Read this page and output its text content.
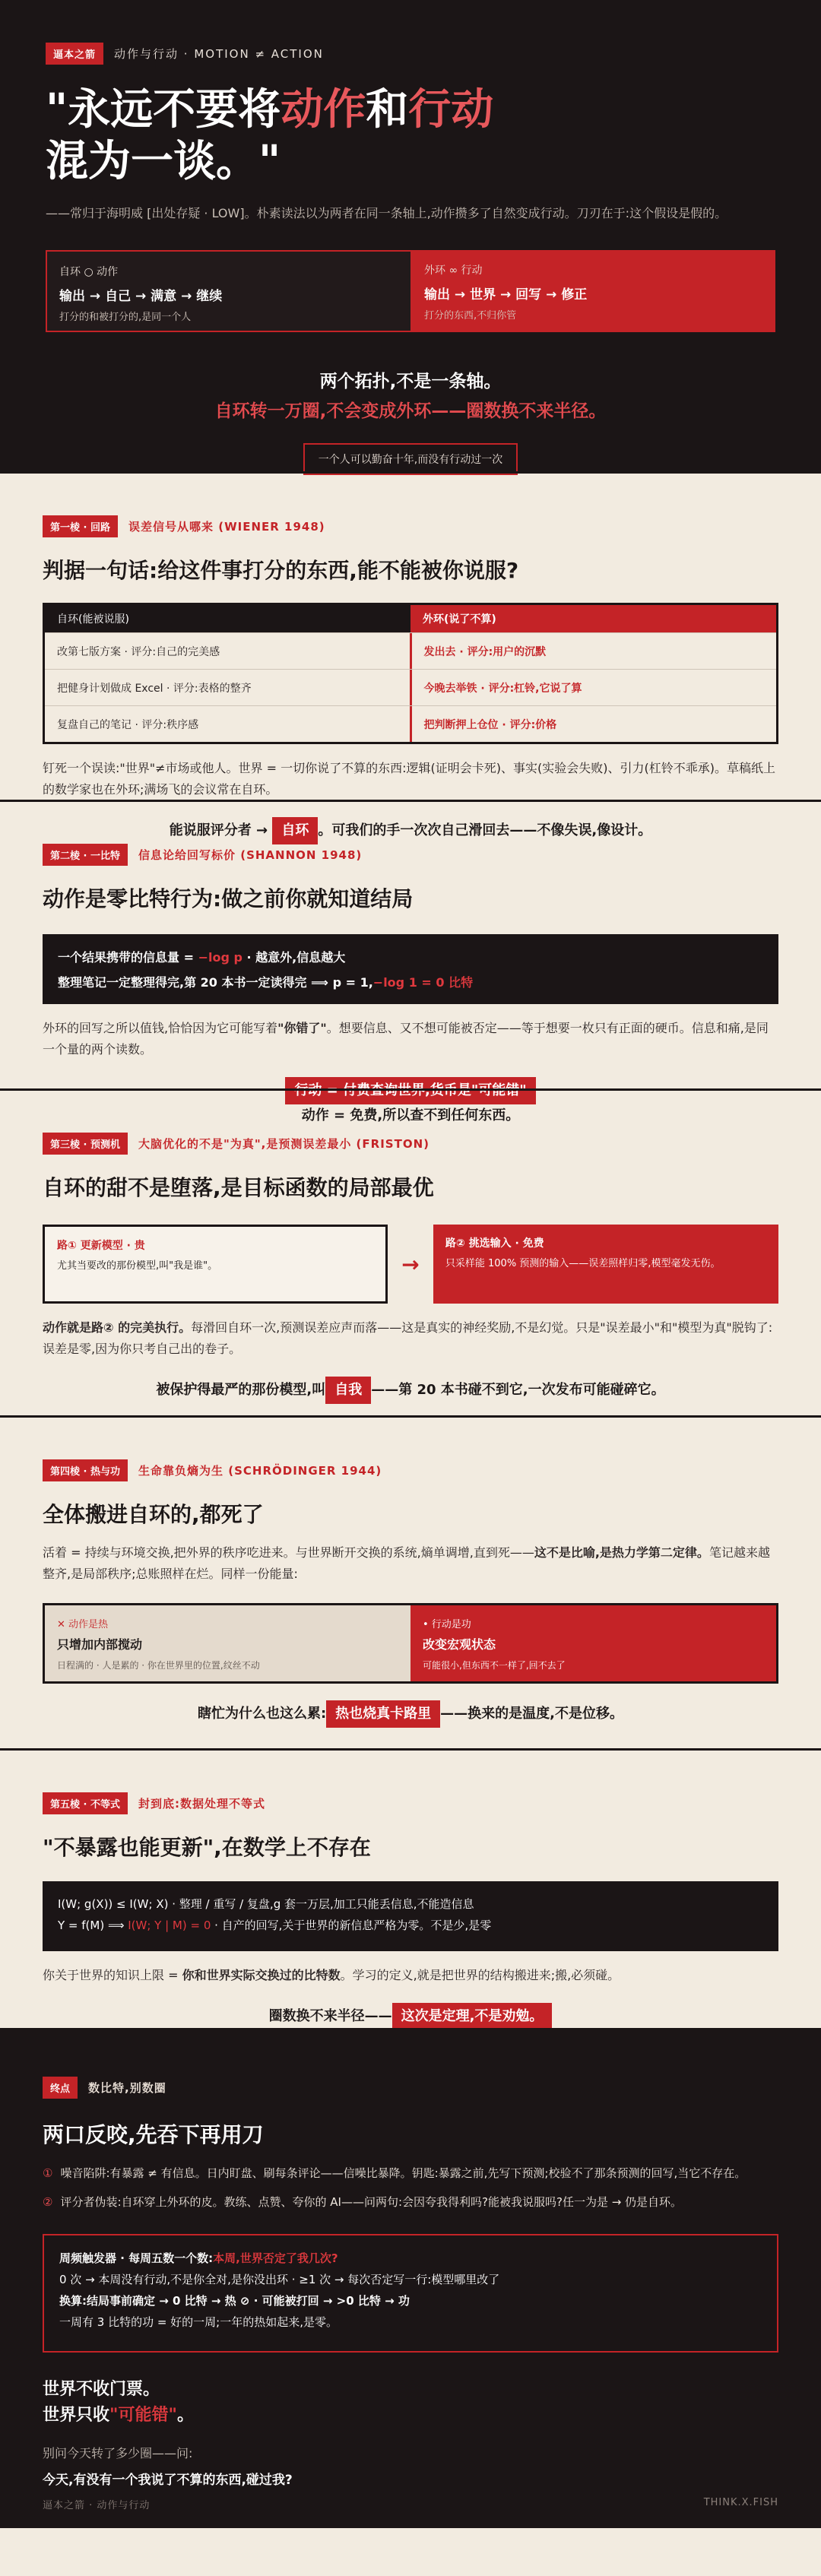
逼本之箭	动作与行动 · MOTION ≠ ACTION
"永远不要将动作和行动
混为一谈。"

——常归于海明威 [出处存疑 · LOW]。朴素读法以为两者在同一条轴上,动作攒多了自然变成行动。刀刃在于:这个假设是假的。

自环 ○ 动作
输出 → 自己 → 满意 → 继续
打分的和被打分的,是同一个人
外环 ∞ 行动
输出 → 世界 → 回写 → 修正
打分的东西,不归你管
两个拓扑,不是一条轴。
自环转一万圈,不会变成外环——圈数换不来半径。
一个人可以勤奋十年,而没有行动过一次
第一棱 · 回路	误差信号从哪来 (WIENER 1948)
判据一句话:给这件事打分的东西,能不能被你说服?
自环(能被说服)	外环(说了不算)
改第七版方案 · 评分:自己的完美感	发出去 · 评分:用户的沉默
把健身计划做成 Excel · 评分:表格的整齐	今晚去举铁 · 评分:杠铃,它说了算
复盘自己的笔记 · 评分:秩序感	把判断押上仓位 · 评分:价格

钉死一个误读:"世界"≠市场或他人。世界 = 一切你说了不算的东西:逻辑(证明会卡死)、事实(实验会失败)、引力(杠铃不乖承)。草稿纸上的数学家也在外环;满场飞的会议常在自环。

能说服评分者 → 自环 。可我们的手一次次自己滑回去——不像失误,像设计。

第二棱 · 一比特	信息论给回写标价 (SHANNON 1948)
动作是零比特行为:做之前你就知道结局
一个结果携带的信息量 = −log p · 越意外,信息越大
整理笔记一定整理得完,第 20 本书一定读得完 ⟹ p = 1,−log 1 = 0 比特

外环的回写之所以值钱,恰恰因为它可能写着"你错了"。想要信息、又不想可能被否定——等于想要一枚只有正面的硬币。信息和痛,是同一个量的两个读数。

动作 = 免费,所以查不到任何东西。

第三棱 · 预测机	大脑优化的不是"为真",是预测误差最小 (FRISTON)
自环的甜不是堕落,是目标函数的局部最优
路① 更新模型 · 贵
尤其当要改的那份模型,叫"我是谁"。	→
路② 挑选输入 · 免费
只采样能 100% 预测的输入——误差照样归零,模型毫发无伤。

动作就是路② 的完美执行。每滑回自环一次,预测误差应声而落——这是真实的神经奖励,不是幻觉。只是"误差最小"和"模型为真"脱钩了:误差是零,因为你只考自己出的卷子。

被保护得最严的那份模型,叫 自我 ——第 20 本书碰不到它,一次发布可能碰碎它。

第四棱 · 热与功	生命靠负熵为生 (SCHRÖDINGER 1944)
全体搬进自环的,都死了

活着 = 持续与环境交换,把外界的秩序吃进来。与世界断开交换的系统,熵单调增,直到死——这不是比喻,是热力学第二定律。笔记越来越整齐,是局部秩序;总账照样在烂。同样一份能量:

✕ 动作是热
只增加内部搅动
日程满的 · 人是累的 · 你在世界里的位置,纹丝不动
• 行动是功
改变宏观状态
可能很小,但东西不一样了,回不去了

瞎忙为什么也这么累: 热也烧真卡路里 ——换来的是温度,不是位移。

第五棱 · 不等式	封到底:数据处理不等式
"不暴露也能更新",在数学上不存在
I(W; g(X)) ≤ I(W; X) · 整理 / 重写 / 复盘,g 套一万层,加工只能丢信息,不能造信息
Y = f(M) ⟹ I(W; Y | M) = 0 · 自产的回写,关于世界的新信息严格为零。不是少,是零

你关于世界的知识上限 = 你和世界实际交换过的比特数。学习的定义,就是把世界的结构搬进来;搬,必须碰。

圈数换不来半径—— 这次是定理,不是劝勉。

终点	数比特,别数圈
两口反咬,先吞下再用刀
① 噪音陷阱:有暴露 ≠ 有信息。日内盯盘、刷每条评论——信噪比暴降。钥匙:暴露之前,先写下预测;校验不了那条预测的回写,当它不存在。
② 评分者伪装:自环穿上外环的皮。教练、点赞、夸你的 AI——问两句:会因夸我得利吗?能被我说服吗?任一为是 → 仍是自环。
周频触发器 · 每周五数一个数:本周,世界否定了我几次?
0 次 → 本周没有行动,不是你全对,是你没出环 · ≥1 次 → 每次否定写一行:模型哪里改了
换算:结局事前确定 → 0 比特 → 热 ⊘ · 可能被打回 → >0 比特 → 功
一周有 3 比特的功 = 好的一周;一年的热如起来,是零。
世界不收门票。
世界只收"可能错"。
别问今天转了多少圈——问:
今天,有没有一个我说了不算的东西,碰过我?
逼本之箭 · 动作与行动	THINK.X.FISH
